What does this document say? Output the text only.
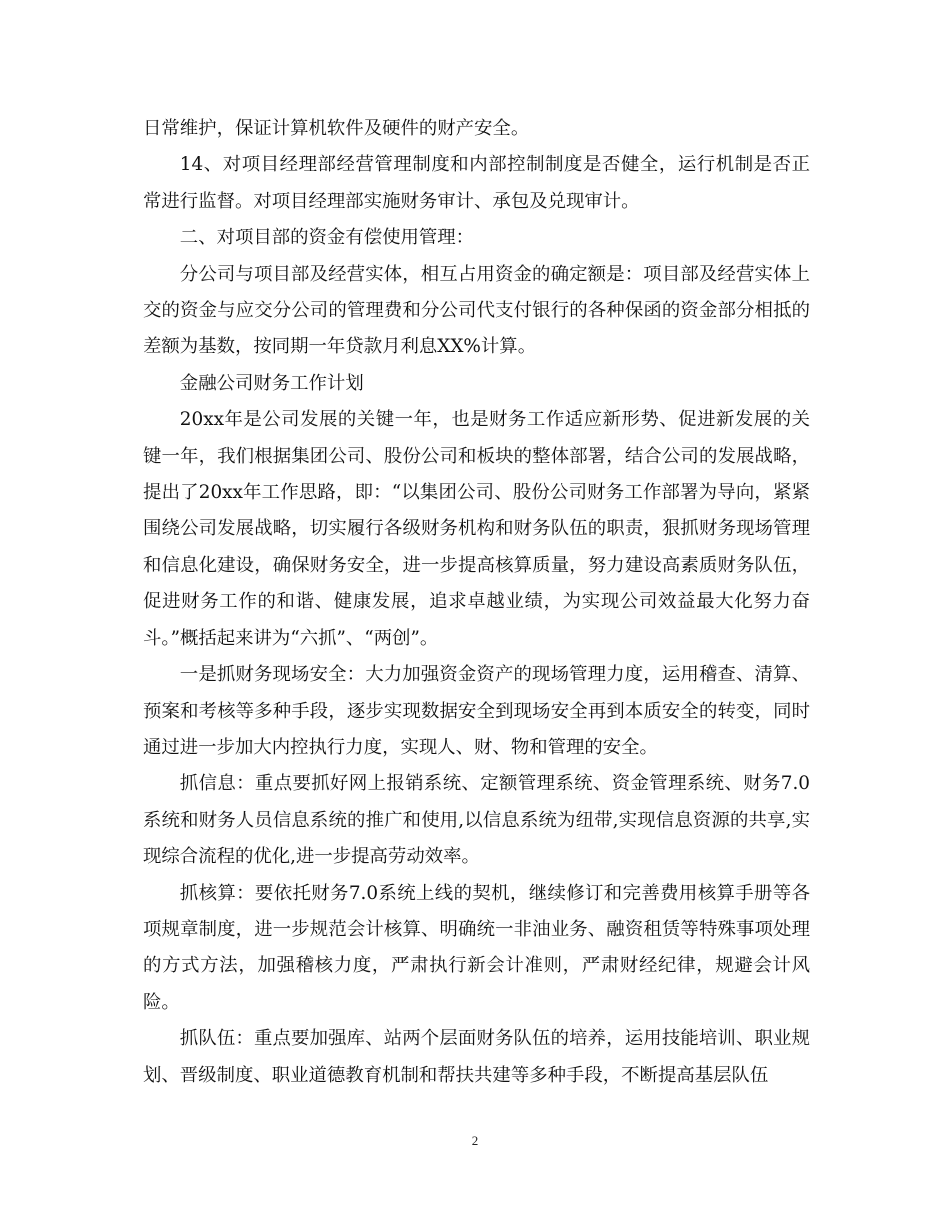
日常维护，保证计算机软件及硬件的财产安全。

14、对项目经理部经营管理制度和内部控制制度是否健全，运行机制是否正常进行监督。对项目经理部实施财务审计、承包及兑现审计。

二、对项目部的资金有偿使用管理：

分公司与项目部及经营实体，相互占用资金的确定额是：项目部及经营实体上交的资金与应交分公司的管理费和分公司代支付银行的各种保函的资金部分相抵的差额为基数，按同期一年贷款月利息XX%计算。

金融公司财务工作计划

20xx年是公司发展的关键一年，也是财务工作适应新形势、促进新发展的关键一年，我们根据集团公司、股份公司和板块的整体部署，结合公司的发展战略，提出了20xx年工作思路，即：“以集团公司、股份公司财务工作部署为导向，紧紧围绕公司发展战略，切实履行各级财务机构和财务队伍的职责，狠抓财务现场管理和信息化建设，确保财务安全，进一步提高核算质量，努力建设高素质财务队伍，促进财务工作的和谐、健康发展，追求卓越业绩，为实现公司效益最大化努力奋斗。”概括起来讲为“六抓”、“两创”。

一是抓财务现场安全：大力加强资金资产的现场管理力度，运用稽查、清算、预案和考核等多种手段，逐步实现数据安全到现场安全再到本质安全的转变，同时通过进一步加大内控执行力度，实现人、财、物和管理的安全。

抓信息：重点要抓好网上报销系统、定额管理系统、资金管理系统、财务7.0系统和财务人员信息系统的推广和使用,以信息系统为纽带,实现信息资源的共享,实现综合流程的优化,进一步提高劳动效率。

抓核算：要依托财务7.0系统上线的契机，继续修订和完善费用核算手册等各项规章制度，进一步规范会计核算、明确统一非油业务、融资租赁等特殊事项处理的方式方法，加强稽核力度，严肃执行新会计准则，严肃财经纪律，规避会计风险。

抓队伍：重点要加强库、站两个层面财务队伍的培养，运用技能培训、职业规划、晋级制度、职业道德教育机制和帮扶共建等多种手段，不断提高基层队伍

2
